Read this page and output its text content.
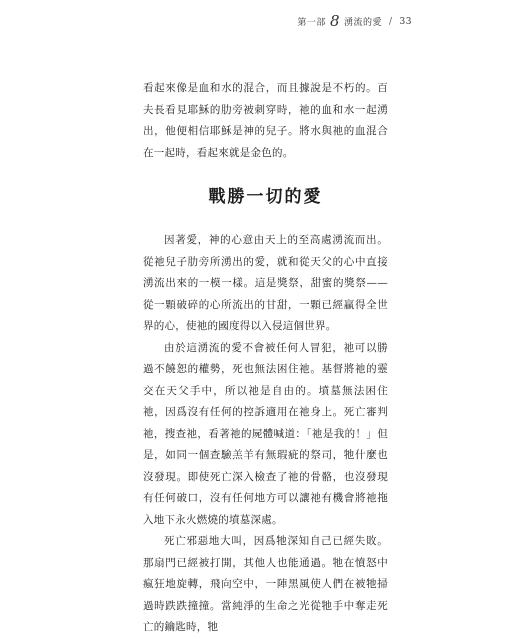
第一部 8 湧流的愛 / 33

看起來像是血和水的混合，而且據說是不朽的。百夫長看見耶穌的肋旁被刺穿時，祂的血和水一起湧出，他便相信耶穌是神的兒子。將水與祂的血混合在一起時，看起來就是金色的。

戰勝一切的愛

因著愛，神的心意由天上的至高處湧流而出。從祂兒子肋旁所湧出的愛，就和從天父的心中直接湧流出來的一模一樣。這是獎祭，甜蜜的獎祭——從一顆破碎的心所流出的甘甜，一顆已經贏得全世界的心，使祂的國度得以入侵這個世界。

由於這湧流的愛不會被任何人冒犯，祂可以勝過不饒恕的權勢，死也無法困住祂。基督將祂的靈交在天父手中，所以祂是自由的。墳墓無法困住祂，因爲沒有任何的控訴適用在祂身上。死亡審判祂，搜查祂，看著祂的屍體喊道：「祂是我的！」但是，如同一個查驗羔羊有無瑕疵的祭司，牠什麼也沒發現。即使死亡深入檢查了祂的骨骼，也沒發現有任何破口，沒有任何地方可以讓祂有機會將祂拖入地下永火燃燒的墳墓深處。

死亡邪惡地大叫，因爲牠深知自己已經失敗。那扇門已經被打開，其他人也能通過。牠在憤怒中瘋狂地旋轉，飛向空中，一陣黑風使人們在被牠掃過時跌跌撞撞。當純淨的生命之光從牠手中奪走死亡的鑰匙時，牠
